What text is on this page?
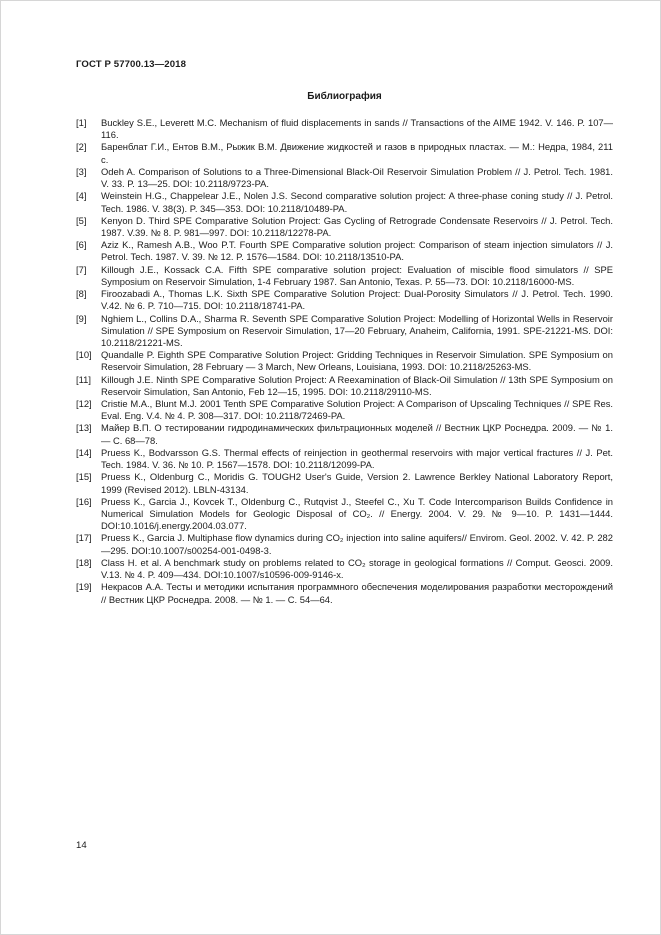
ГОСТ Р 57700.13—2018
Библиография
[1]	Buckley S.E., Leverett M.C. Mechanism of fluid displacements in sands // Transactions of the AIME 1942. V. 146. P. 107—116.
[2]	Баренблат Г.И., Ентов В.М., Рыжик В.М. Движение жидкостей и газов в природных пластах. — М.: Недра, 1984, 211 с.
[3]	Odeh A. Comparison of Solutions to a Three-Dimensional Black-Oil Reservoir Simulation Problem // J. Petrol. Tech. 1981. V. 33. P. 13—25. DOI: 10.2118/9723-PA.
[4]	Weinstein H.G., Chappelear J.E., Nolen J.S. Second comparative solution project: A three-phase coning study // J. Petrol. Tech. 1986. V. 38(3). P. 345—353. DOI: 10.2118/10489-PA.
[5]	Kenyon D. Third SPE Comparative Solution Project: Gas Cycling of Retrograde Condensate Reservoirs // J. Petrol. Tech. 1987. V.39. № 8. P. 981—997. DOI: 10.2118/12278-PA.
[6]	Aziz K., Ramesh A.B., Woo P.T. Fourth SPE Comparative solution project: Comparison of steam injection simulators // J. Petrol. Tech. 1987. V. 39. № 12. P. 1576—1584. DOI: 10.2118/13510-PA.
[7]	Killough J.E., Kossack C.A. Fifth SPE comparative solution project: Evaluation of miscible flood simulators // SPE Symposium on Reservoir Simulation, 1-4 February 1987. San Antonio, Texas. P. 55—73. DOI: 10.2118/16000-MS.
[8]	Firoozabadi A., Thomas L.K. Sixth SPE Comparative Solution Project: Dual-Porosity Simulators // J. Petrol. Tech. 1990. V.42. № 6. P. 710—715. DOI: 10.2118/18741-PA.
[9]	Nghiem L., Collins D.A., Sharma R. Seventh SPE Comparative Solution Project: Modelling of Horizontal Wells in Reservoir Simulation // SPE Symposium on Reservoir Simulation, 17—20 February, Anaheim, California, 1991. SPE-21221-MS. DOI: 10.2118/21221-MS.
[10] Quandalle P. Eighth SPE Comparative Solution Project: Gridding Techniques in Reservoir Simulation. SPE Symposium on Reservoir Simulation, 28 February — 3 March, New Orleans, Louisiana, 1993. DOI: 10.2118/25263-MS.
[11]	Killough J.E. Ninth SPE Comparative Solution Project: A Reexamination of Black-Oil Simulation // 13th SPE Symposium on Reservoir Simulation, San Antonio, Feb 12—15, 1995. DOI: 10.2118/29110-MS.
[12] Cristie M.A., Blunt M.J. 2001 Tenth SPE Comparative Solution Project: A Comparison of Upscaling Techniques // SPE Res. Eval. Eng. V.4. № 4. P. 308—317. DOI: 10.2118/72469-PA.
[13] Майер В.П. О тестировании гидродинамических фильтрационных моделей // Вестник ЦКР Роснедра. 2009. — № 1. — С. 68—78.
[14] Pruess K., Bodvarsson G.S. Thermal effects of reinjection in geothermal reservoirs with major vertical fractures // J. Pet. Tech. 1984. V. 36. № 10. P. 1567—1578. DOI: 10.2118/12099-PA.
[15] Pruess K., Oldenburg C., Moridis G. TOUGH2 User's Guide, Version 2. Lawrence Berkley National Laboratory Report, 1999 (Revised 2012). LBLN-43134.
[16] Pruess K., Garcia J., Kovcek T., Oldenburg C., Rutqvist J., Steefel C., Xu T. Code Intercomparison Builds Confidence in Numerical Simulation Models for Geologic Disposal of CO₂. // Energy. 2004. V. 29. № 9—10. P. 1431—1444. DOI:10.1016/j.energy.2004.03.077.
[17] Pruess K., Garcia J. Multiphase flow dynamics during CO₂ injection into saline aquifers// Envirom. Geol. 2002. V. 42. P. 282—295. DOI:10.1007/s00254-001-0498-3.
[18] Class H. et al. A benchmark study on problems related to CO₂ storage in geological formations // Comput. Geosci. 2009. V.13. № 4. P. 409—434. DOI:10.1007/s10596-009-9146-x.
[19] Некрасов А.А. Тесты и методики испытания программного обеспечения моделирования разработки месторождений // Вестник ЦКР Роснедра. 2008. — № 1. — С. 54—64.
14
